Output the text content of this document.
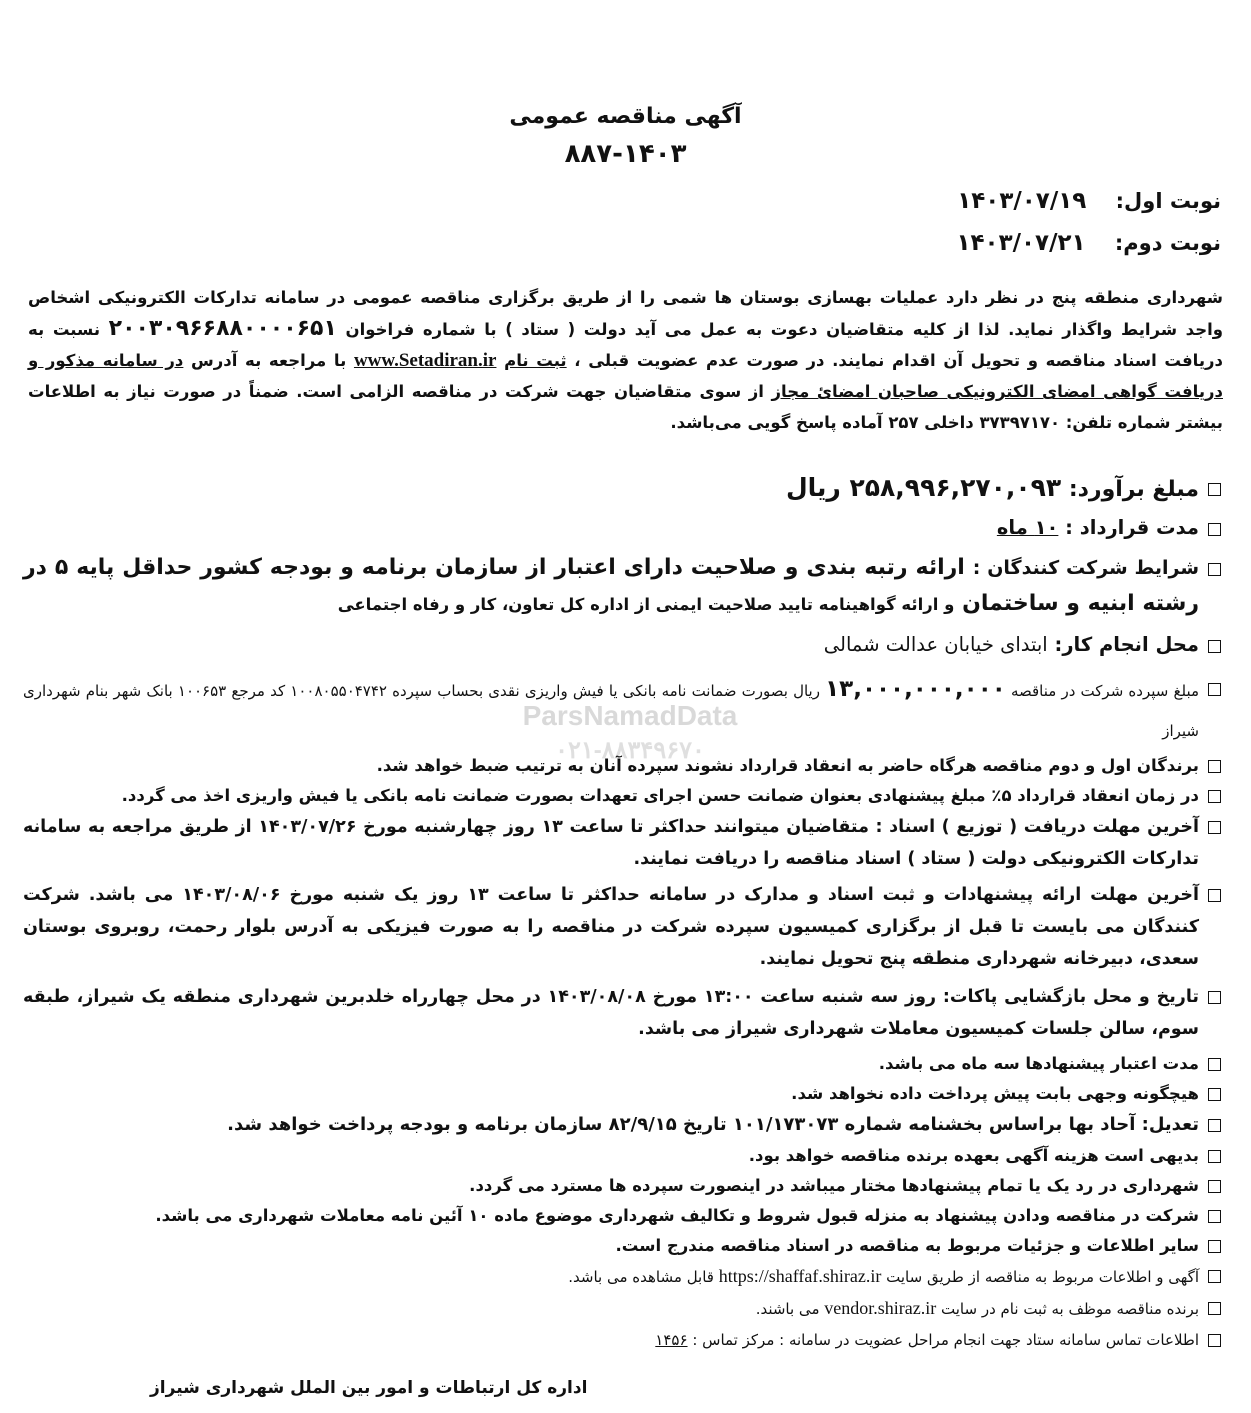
ParsNamadData
۰۲۱-۸۸۳۴۹۶۷۰
آگهی مناقصه عمومی
۸۸۷-۱۴۰۳
نوبت اول: ۱۴۰۳/۰۷/۱۹
نوبت دوم: ۱۴۰۳/۰۷/۲۱
شهرداری منطقه پنج در نظر دارد عملیات بهسازی بوستان ها شمی را از طریق برگزاری مناقصه عمومی در سامانه تدارکات الکترونیکی اشخاص واجد شرایط واگذار نماید. لذا از کلیه متقاضیان دعوت به عمل می آید دولت ( ستاد ) با شماره فراخوان ۲۰۰۳۰۹۶۶۸۸۰۰۰۰۶۵۱ نسبت به دریافت اسناد مناقصه و تحویل آن اقدام نمایند. در صورت عدم عضویت قبلی ، ثبت نام www.Setadiran.ir با مراجعه به آدرس در سامانه مذکور و دریافت گواهی امضای الکترونیکی صاحبان امضائ مجاز از سوی متقاضیان جهت شرکت در مناقصه الزامی است. ضمناً در صورت نیاز به اطلاعات بیشتر شماره تلفن: ۳۷۳۹۷۱۷۰ داخلی ۲۵۷ آماده پاسخ گویی می‌باشد.
مبلغ برآورد: ۲۵۸,۹۹۶,۲۷۰,۰۹۳ ریال
مدت قرارداد : ۱۰ ماه
شرایط شرکت کنندگان : ارائه رتبه بندی و صلاحیت دارای اعتبار از سازمان برنامه و بودجه کشور حداقل پایه ۵ در رشته ابنیه و ساختمان و ارائه گواهینامه تایید صلاحیت ایمنی از اداره کل تعاون، کار و رفاه اجتماعی
محل انجام کار: ابتدای خیابان عدالت شمالی
مبلغ سپرده شرکت در مناقصه ۱۳,۰۰۰,۰۰۰,۰۰۰ ریال بصورت ضمانت نامه بانکی یا فیش واریزی نقدی بحساب سپرده ۱۰۰۸۰۵۵۰۴۷۴۲ کد مرجع ۱۰۰۶۵۳ بانک شهر بنام شهرداری شیراز
برندگان اول و دوم مناقصه هرگاه حاضر به انعقاد قرارداد نشوند سپرده آنان به ترتیب ضبط خواهد شد.
در زمان انعقاد قرارداد ۵٪ مبلغ پیشنهادی بعنوان ضمانت حسن اجرای تعهدات بصورت ضمانت نامه بانکی یا فیش واریزی اخذ می گردد.
آخرین مهلت دریافت ( توزیع ) اسناد : متقاضیان میتوانند حداکثر تا ساعت ۱۳ روز چهارشنبه مورخ ۱۴۰۳/۰۷/۲۶ از طریق مراجعه به سامانه تدارکات الکترونیکی دولت ( ستاد ) اسناد مناقصه را دریافت نمایند.
آخرین مهلت ارائه پیشنهادات و ثبت اسناد و مدارک در سامانه حداکثر تا ساعت ۱۳ روز یک شنبه مورخ ۱۴۰۳/۰۸/۰۶ می باشد. شرکت کنندگان می بایست تا قبل از برگزاری کمیسیون سپرده شرکت در مناقصه را به صورت فیزیکی به آدرس بلوار رحمت، روبروی بوستان سعدی، دبیرخانه شهرداری منطقه پنج تحویل نمایند.
تاریخ و محل بازگشایی پاکات: روز سه شنبه ساعت ۱۳:۰۰ مورخ ۱۴۰۳/۰۸/۰۸ در محل چهارراه خلدبرین شهرداری منطقه یک شیراز، طبقه سوم، سالن جلسات کمیسیون معاملات شهرداری شیراز می باشد.
مدت اعتبار پیشنهادها سه ماه می باشد.
هیچگونه وجهی بابت پیش پرداخت داده نخواهد شد.
تعدیل: آحاد بها براساس بخشنامه شماره ۱۰۱/۱۷۳۰۷۳ تاریخ ۸۲/۹/۱۵ سازمان برنامه و بودجه پرداخت خواهد شد.
بدیهی است هزینه آگهی بعهده برنده مناقصه خواهد بود.
شهرداری در رد یک یا تمام پیشنهادها مختار میباشد در اینصورت سپرده ها مسترد می گردد.
شرکت در مناقصه ودادن پیشنهاد به منزله قبول شروط و تکالیف شهرداری موضوع ماده ۱۰ آئین نامه معاملات شهرداری می باشد.
سایر اطلاعات و جزئیات مربوط به مناقصه در اسناد مناقصه مندرج است.
آگهی و اطلاعات مربوط به مناقصه از طریق سایت https://shaffaf.shiraz.ir قابل مشاهده می باشد.
برنده مناقصه موظف به ثبت نام در سایت vendor.shiraz.ir می باشند.
اطلاعات تماس سامانه ستاد جهت انجام مراحل عضویت در سامانه : مرکز تماس : ۱۴۵۶
اداره کل ارتباطات و امور بین الملل شهرداری شیراز
